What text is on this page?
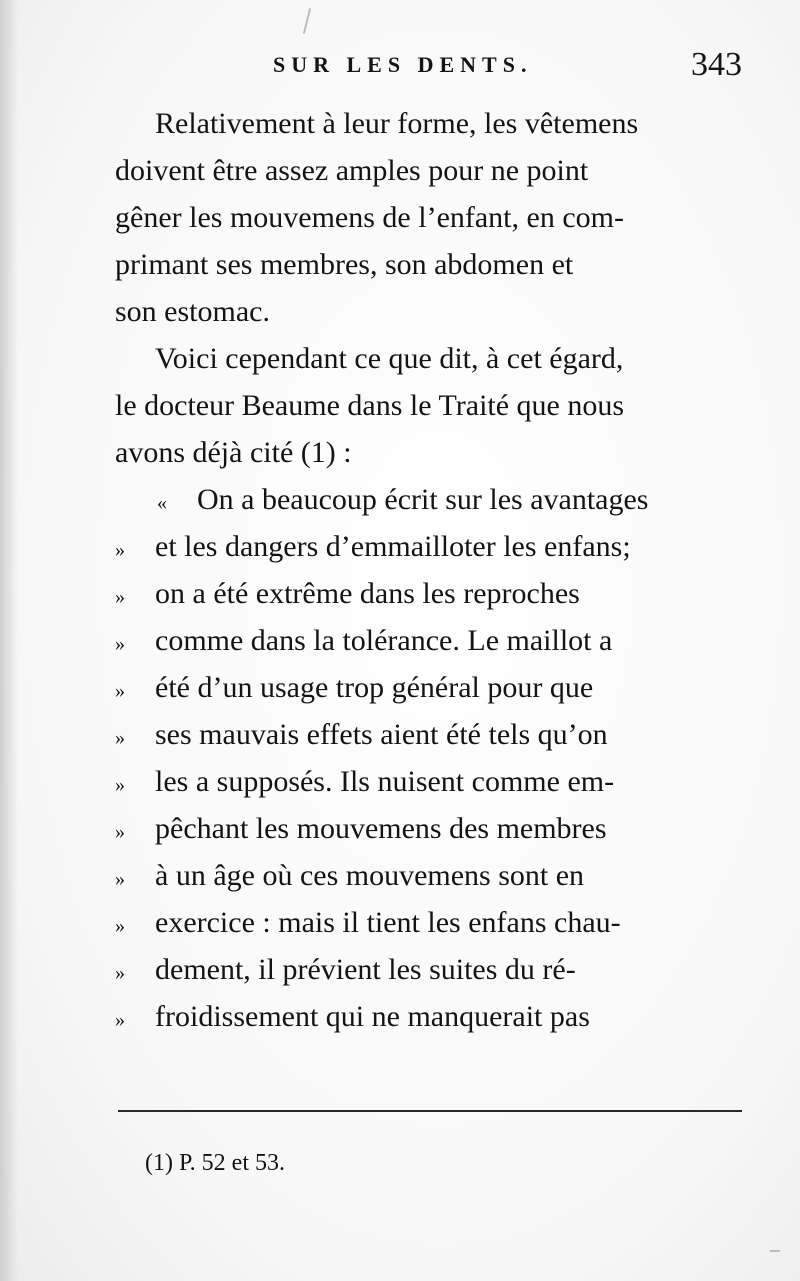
SUR LES DENTS.	343
Relativement à leur forme, les vêtemens
doivent être assez amples pour ne point
gêner les mouvemens de l’enfant, en com-
primant ses membres, son abdomen et
son estomac.
Voici cependant ce que dit, à cet égard,
le docteur Beaume dans le Traité que nous
avons déjà cité (1) :
«	On a beaucoup écrit sur les avantages
»	et les dangers d’emmailloter les enfans;
»	on a été extrême dans les reproches
»	comme dans la tolérance. Le maillot a
»	été d’un usage trop général pour que
»	ses mauvais effets aient été tels qu’on
»	les a supposés. Ils nuisent comme em-
»	pêchant les mouvemens des membres
»	à un âge où ces mouvemens sont en
»	exercice : mais il tient les enfans chau-
»	dement, il prévient les suites du ré-
»	froidissement qui ne manquerait pas
(1) P. 52 et 53.
